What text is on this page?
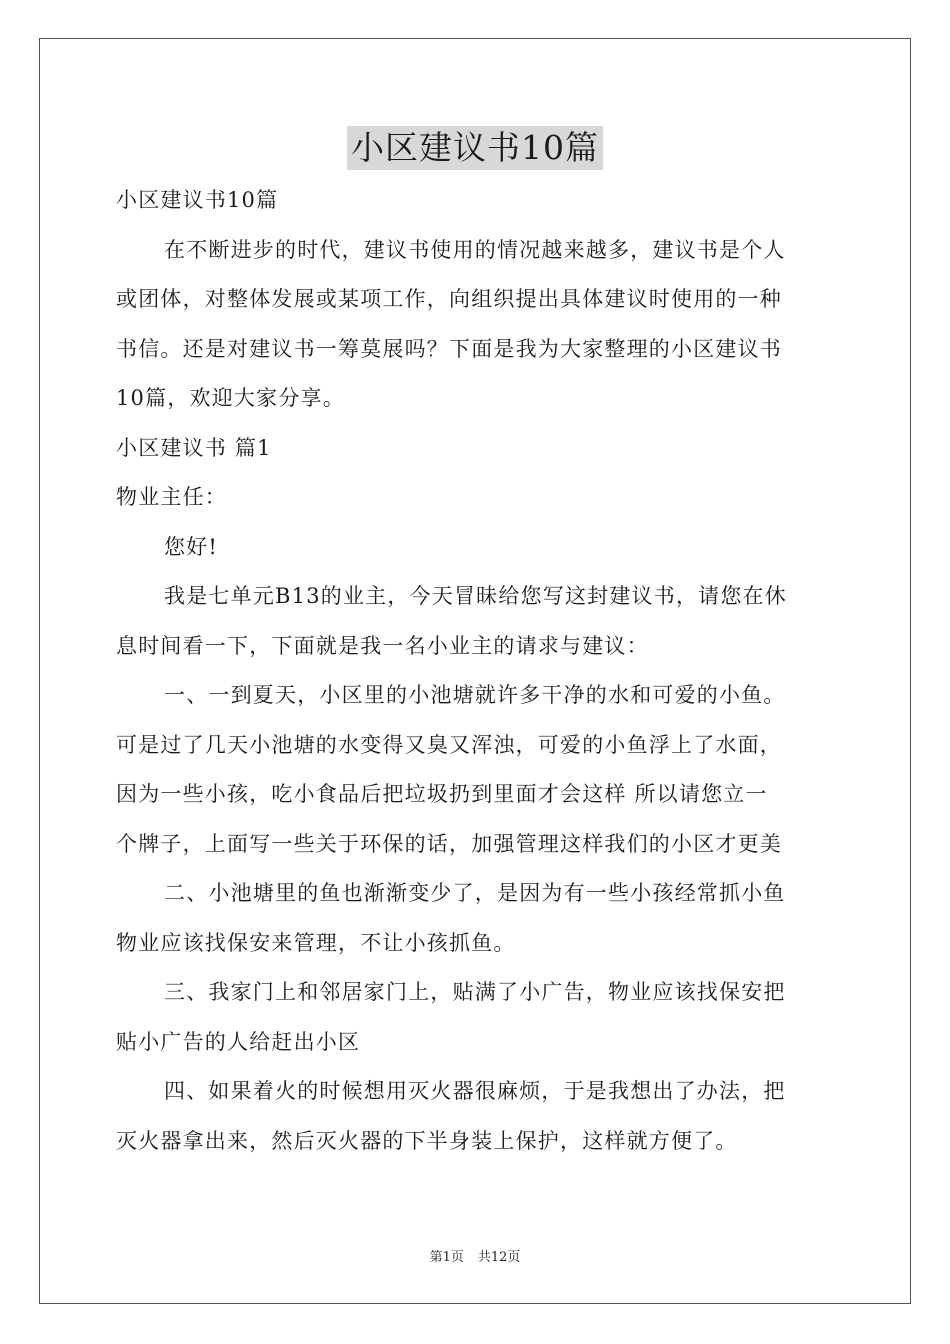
小区建议书10篇
小区建议书10篇
在不断进步的时代，建议书使用的情况越来越多，建议书是个人
或团体，对整体发展或某项工作，向组织提出具体建议时使用的一种
书信。还是对建议书一筹莫展吗？下面是我为大家整理的小区建议书
10篇，欢迎大家分享。
小区建议书 篇1
物业主任：
您好!
我是七单元B13的业主，今天冒昧给您写这封建议书，请您在休
息时间看一下，下面就是我一名小业主的请求与建议：
一、一到夏天，小区里的小池塘就许多干净的水和可爱的小鱼。
可是过了几天小池塘的水变得又臭又浑浊，可爱的小鱼浮上了水面，
因为一些小孩，吃小食品后把垃圾扔到里面才会这样 所以请您立一
个牌子，上面写一些关于环保的话，加强管理这样我们的小区才更美
二、小池塘里的鱼也渐渐变少了，是因为有一些小孩经常抓小鱼
物业应该找保安来管理，不让小孩抓鱼。
三、我家门上和邻居家门上，贴满了小广告，物业应该找保安把
贴小广告的人给赶出小区
四、如果着火的时候想用灭火器很麻烦，于是我想出了办法，把
灭火器拿出来，然后灭火器的下半身装上保护，这样就方便了。
第1页 共12页
